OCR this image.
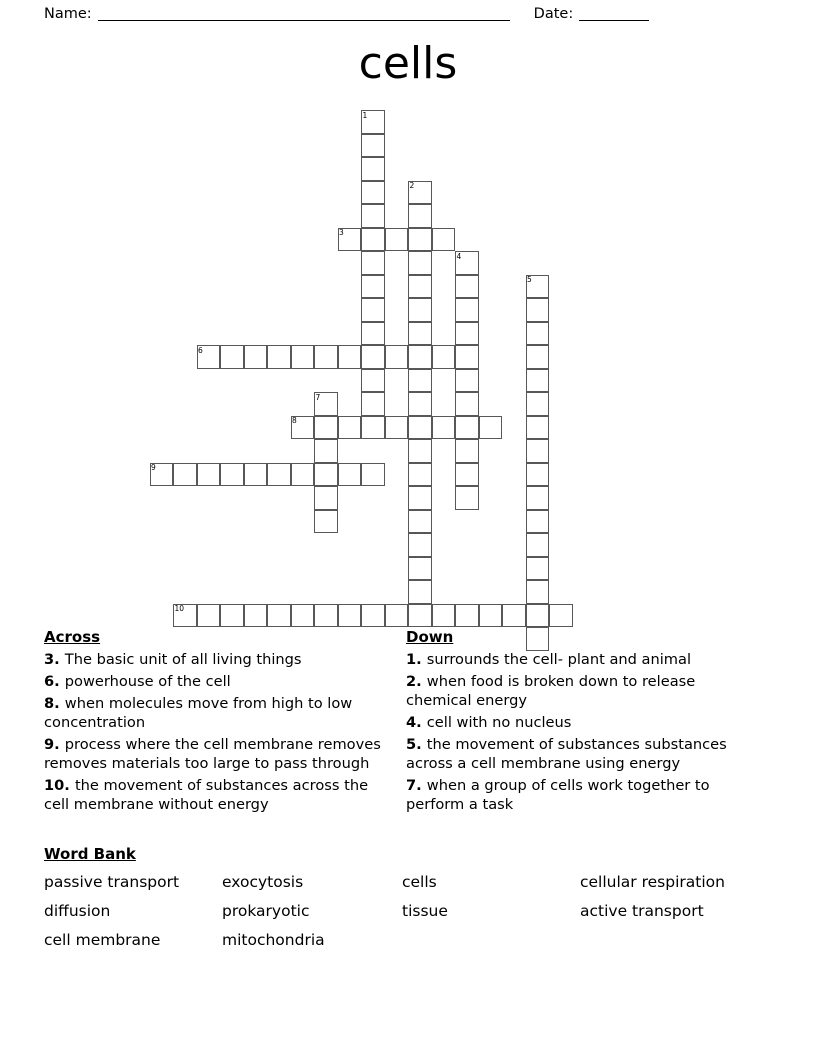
Name:	Date:
cells
1
2
3
4
5
6
7
8
9
10
Across

3. The basic unit of all living things

6. powerhouse of the cell

8. when molecules move from high to low concentration

9. process where the cell membrane removes removes materials too large to pass through

10. the movement of substances across the cell membrane without energy

Down

1. surrounds the cell- plant and animal

2. when food is broken down to release chemical energy

4. cell with no nucleus

5. the movement of substances substances across a cell membrane using energy

7. when a group of cells work together to perform a task

Word Bank
passive transport	exocytosis	cells	cellular respiration
diffusion	prokaryotic	tissue	active transport
cell membrane	mitochondria
